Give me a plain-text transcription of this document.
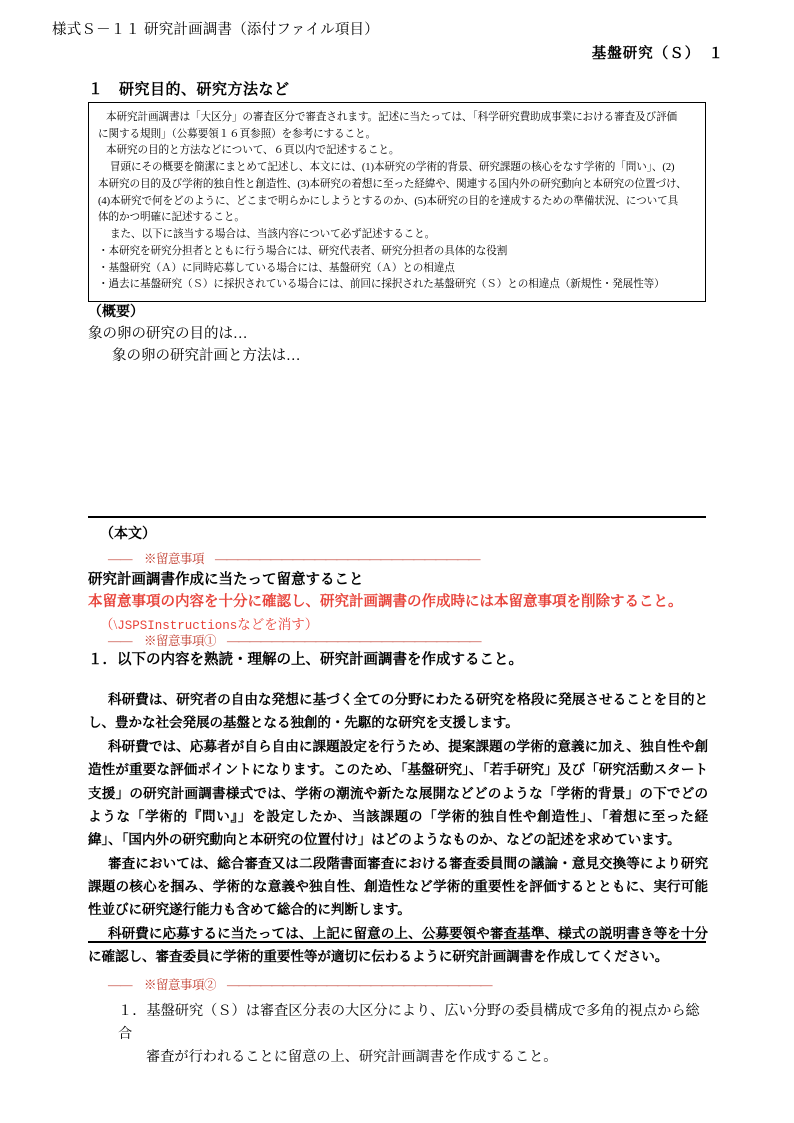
様式Ｓ－１１ 研究計画調書（添付ファイル項目）
基盤研究（Ｓ）　１
１　研究目的、研究方法など

本研究計画調書は「大区分」の審査区分で審査されます。記述に当たっては、「科学研究費助成事業における審査及び評価

に関する規則」（公募要領１６頁参照）を参考にすること。

本研究の目的と方法などについて、６頁以内で記述すること。

冒頭にその概要を簡潔にまとめて記述し、本文には、(1)本研究の学術的背景、研究課題の核心をなす学術的「問い」、(2)

本研究の目的及び学術的独自性と創造性、(3)本研究の着想に至った経緯や、関連する国内外の研究動向と本研究の位置づけ、

(4)本研究で何をどのように、どこまで明らかにしようとするのか、(5)本研究の目的を達成するための準備状況、について具

体的かつ明確に記述すること。

また、以下に該当する場合は、当該内容について必ず記述すること。

・本研究を研究分担者とともに行う場合には、研究代表者、研究分担者の具体的な役割

・基盤研究（Ａ）に同時応募している場合には、基盤研究（Ａ）との相違点

・過去に基盤研究（Ｓ）に採択されている場合には、前回に採択された基盤研究（Ｓ）との相違点（新規性・発展性等）

（概要）
象の卵の研究の目的は…
象の卵の研究計画と方法は…
（本文）
――　※留意事項　――――――――――――――――――――――――
研究計画調書作成に当たって留意すること
本留意事項の内容を十分に確認し、研究計画調書の作成時には本留意事項を削除すること。
（\JSPSInstructionsなどを消す）
――　※留意事項①　―――――――――――――――――――――――
１．以下の内容を熟読・理解の上、研究計画調書を作成すること。

科研費は、研究者の自由な発想に基づく全ての分野にわたる研究を格段に発展させることを目的とし、豊かな社会発展の基盤となる独創的・先駆的な研究を支援します。

科研費では、応募者が自ら自由に課題設定を行うため、提案課題の学術的意義に加え、独自性や創造性が重要な評価ポイントになります。このため、「基盤研究」、「若手研究」及び「研究活動スタート支援」の研究計画調書様式では、学術の潮流や新たな展開などどのような「学術的背景」の下でどのような「学術的『問い』」を設定したか、当該課題の「学術的独自性や創造性」、「着想に至った経緯」、「国内外の研究動向と本研究の位置付け」はどのようなものか、などの記述を求めています。

審査においては、総合審査又は二段階書面審査における審査委員間の議論・意見交換等により研究課題の核心を掴み、学術的な意義や独自性、創造性など学術的重要性を評価するとともに、実行可能性並びに研究遂行能力も含めて総合的に判断します。

科研費に応募するに当たっては、上記に留意の上、公募要領や審査基準、様式の説明書き等を十分に確認し、審査委員に学術的重要性等が適切に伝わるように研究計画調書を作成してください。

――　※留意事項②　――――――――――――――――――――――――
１．基盤研究（Ｓ）は審査区分表の大区分により、広い分野の委員構成で多角的視点から総合
審査が行われることに留意の上、研究計画調書を作成すること。
